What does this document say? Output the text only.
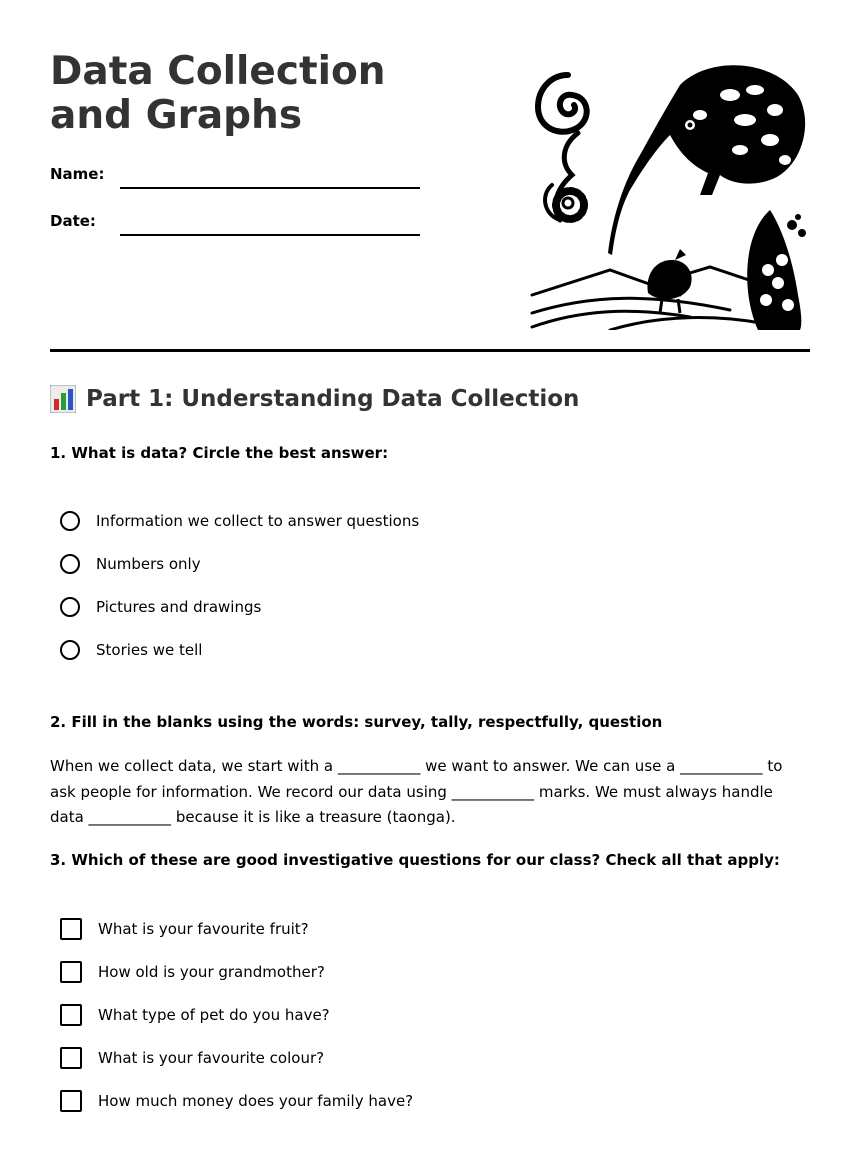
Data Collection and Graphs
Name:
Date:
Part 1: Understanding Data Collection

1. What is data? Circle the best answer:

Information we collect to answer questions
Numbers only
Pictures and drawings
Stories we tell

2. Fill in the blanks using the words: survey, tally, respectfully, question

When we collect data, we start with a ___________ we want to answer. We can use a ___________ to ask people for information. We record our data using ___________ marks. We must always handle data ___________ because it is like a treasure (taonga).

3. Which of these are good investigative questions for our class? Check all that apply:

What is your favourite fruit?
How old is your grandmother?
What type of pet do you have?
What is your favourite colour?
How much money does your family have?
